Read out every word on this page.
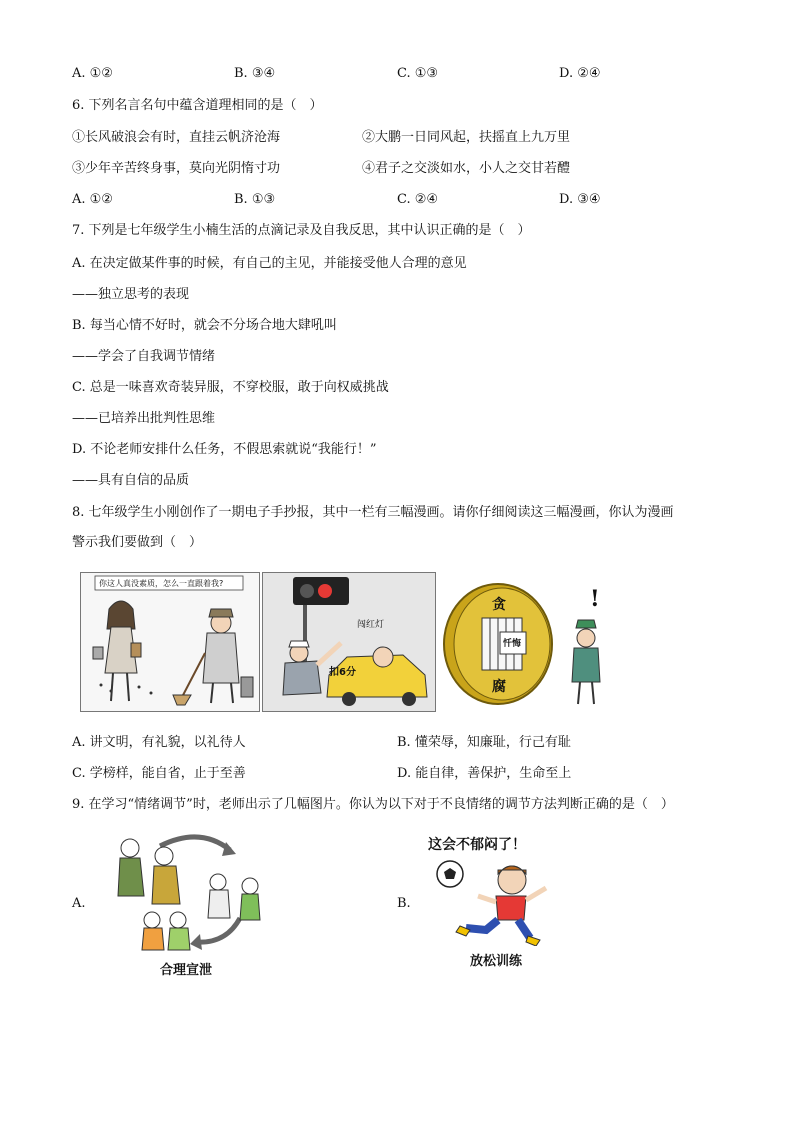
A. ①②	B. ③④	C. ①③	D. ②④
6. 下列名言名句中蕴含道理相同的是（　）
①长风破浪会有时，直挂云帆济沧海	②大鹏一日同风起，扶摇直上九万里
③少年辛苦终身事，莫向光阴惰寸功	④君子之交淡如水，小人之交甘若醴
A. ①②	B. ①③	C. ②④	D. ③④
7. 下列是七年级学生小楠生活的点滴记录及自我反思，其中认识正确的是（　）
A. 在决定做某件事的时候，有自己的主见，并能接受他人合理的意见
——独立思考的表现
B. 每当心情不好时，就会不分场合地大肆吼叫
——学会了自我调节情绪
C. 总是一味喜欢奇装异服，不穿校服，敢于向权威挑战
——已培养出批判性思维
D. 不论老师安排什么任务，不假思索就说“我能行！”
——具有自信的品质
8. 七年级学生小刚创作了一期电子手抄报，其中一栏有三幅漫画。请你仔细阅读这三幅漫画，你认为漫画
警示我们要做到（　）
你这人真没素质，怎么一直跟着我?
闯红灯
扣6分
!
贪
腐
忏悔
A. 讲文明，有礼貌，以礼待人	B. 懂荣辱，知廉耻，行己有耻
C. 学榜样，能自省，止于至善	D. 能自律，善保护，生命至上
9. 在学习“情绪调节”时，老师出示了几幅图片。你认为以下对于不良情绪的调节方法判断正确的是（　）
A.
合理宣泄
B.
这会不郁闷了！
放松训练
